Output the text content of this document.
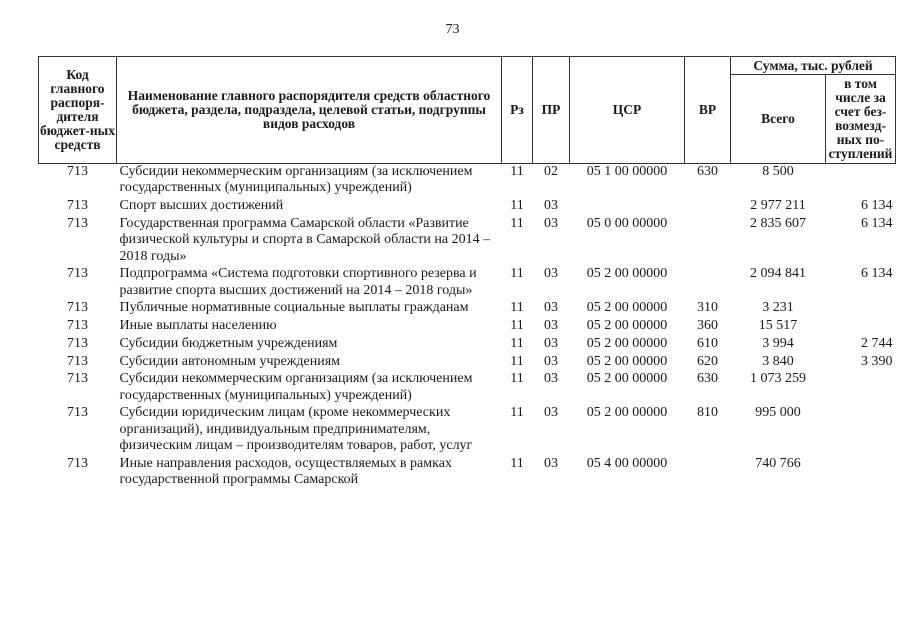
73
Код главного распоря-дителя бюджет-ных средств	Наименование главного распорядителя средств областного бюджета, раздела, подраздела, целевой статьи, подгруппы видов расходов	Рз	ПР	ЦСР	ВР	Сумма, тыс. рублей	
						Всего	в том числе за счет без-возмезд-ных по-ступлений
713	Субсидии некоммерческим организациям (за исключением государственных (муниципальных) учреждений)	11	02	05 1 00 00000	630	8 500	
713	Спорт высших достижений	11	03			2 977 211	6 134
713	Государственная программа Самарской области «Развитие физической культуры и спорта в Самарской области на 2014 – 2018 годы»	11	03	05 0 00 00000		2 835 607	6 134
713	Подпрограмма «Система подготовки спортивного резерва и развитие спорта высших достижений на 2014 – 2018 годы»	11	03	05 2 00 00000		2 094 841	6 134
713	Публичные нормативные социальные выплаты гражданам	11	03	05 2 00 00000	310	3 231	
713	Иные выплаты населению	11	03	05 2 00 00000	360	15 517	
713	Субсидии бюджетным учреждениям	11	03	05 2 00 00000	610	3 994	2 744
713	Субсидии автономным учреждениям	11	03	05 2 00 00000	620	3 840	3 390
713	Субсидии некоммерческим организациям (за исключением государственных (муниципальных) учреждений)	11	03	05 2 00 00000	630	1 073 259	
713	Субсидии юридическим лицам (кроме некоммерческих организаций), индивидуальным предпринимателям, физическим лицам – производителям товаров, работ, услуг	11	03	05 2 00 00000	810	995 000	
713	Иные направления расходов, осуществляемых в рамках государственной программы Самарской	11	03	05 4 00 00000		740 766	
